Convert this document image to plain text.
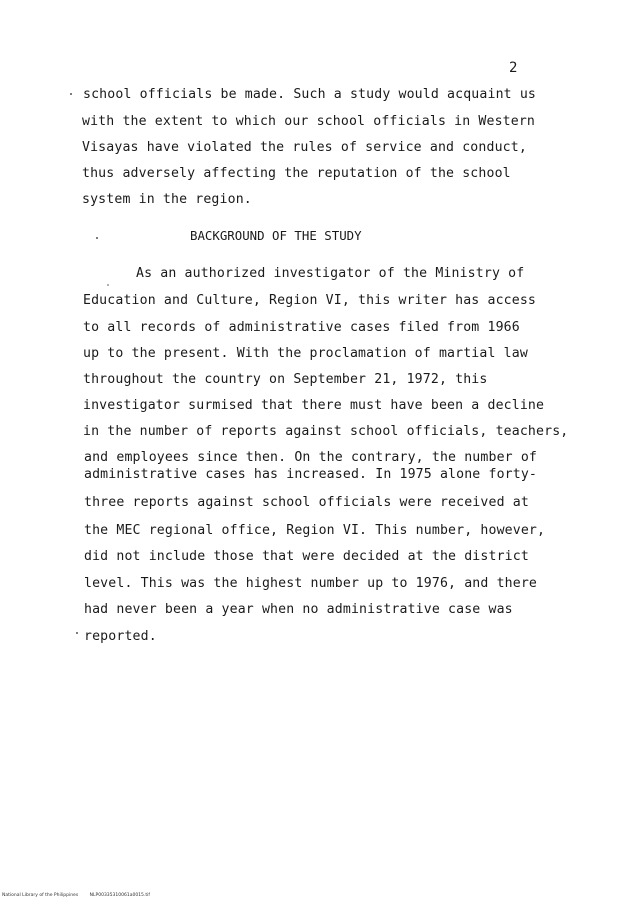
2
school officials be made. Such a study would acquaint us
with the extent to which our school officials in Western
Visayas have violated the rules of service and conduct,
thus adversely affecting the reputation of the school
system in the region.
BACKGROUND OF THE STUDY
As an authorized investigator of the Ministry of
Education and Culture, Region VI, this writer has access
to all records of administrative cases filed from 1966
up to the present. With the proclamation of martial law
throughout the country on September 21, 1972, this
investigator surmised that there must have been a decline
in the number of reports against school officials, teachers,
and employees since then. On the contrary, the number of
administrative cases has increased. In 1975 alone forty-
three reports against school officials were received at
the MEC regional office, Region VI. This number, however,
did not include those that were decided at the district
level. This was the highest number up to 1976, and there
had never been a year when no administrative case was
reported.
National Library of the Philippines	NLP00335310061a0015.tif
